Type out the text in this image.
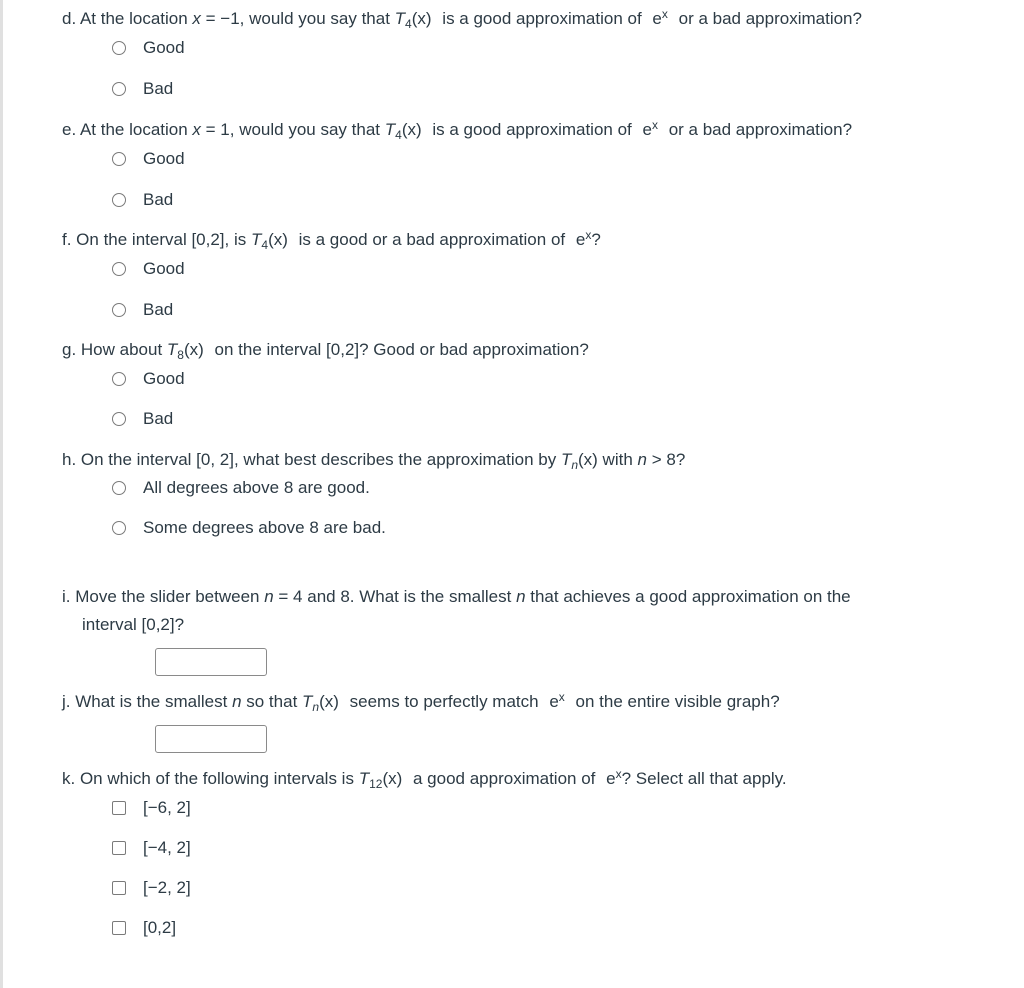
d. At the location x = −1, would you say that $T_4(x)$ is a good approximation of $e^x$ or a bad approximation?
Good
Bad
e. At the location x = 1, would you say that $T_4(x)$ is a good approximation of $e^x$ or a bad approximation?
Good
Bad
f. On the interval [0,2], is $T_4(x)$ is a good or a bad approximation of $e^x$?
Good
Bad
g. How about $T_8(x)$ on the interval [0,2]? Good or bad approximation?
Good
Bad
h. On the interval [0, 2], what best describes the approximation by $T_n(x)$ with n > 8?
All degrees above 8 are good.
Some degrees above 8 are bad.
i. Move the slider between n = 4 and 8. What is the smallest n that achieves a good approximation on the
interval [0,2]?
j. What is the smallest n so that $T_n(x)$ seems to perfectly match $e^x$ on the entire visible graph?
k. On which of the following intervals is $T_{12}(x)$ a good approximation of $e^x$? Select all that apply.
[−6, 2]
[−4, 2]
[−2, 2]
[0,2]
